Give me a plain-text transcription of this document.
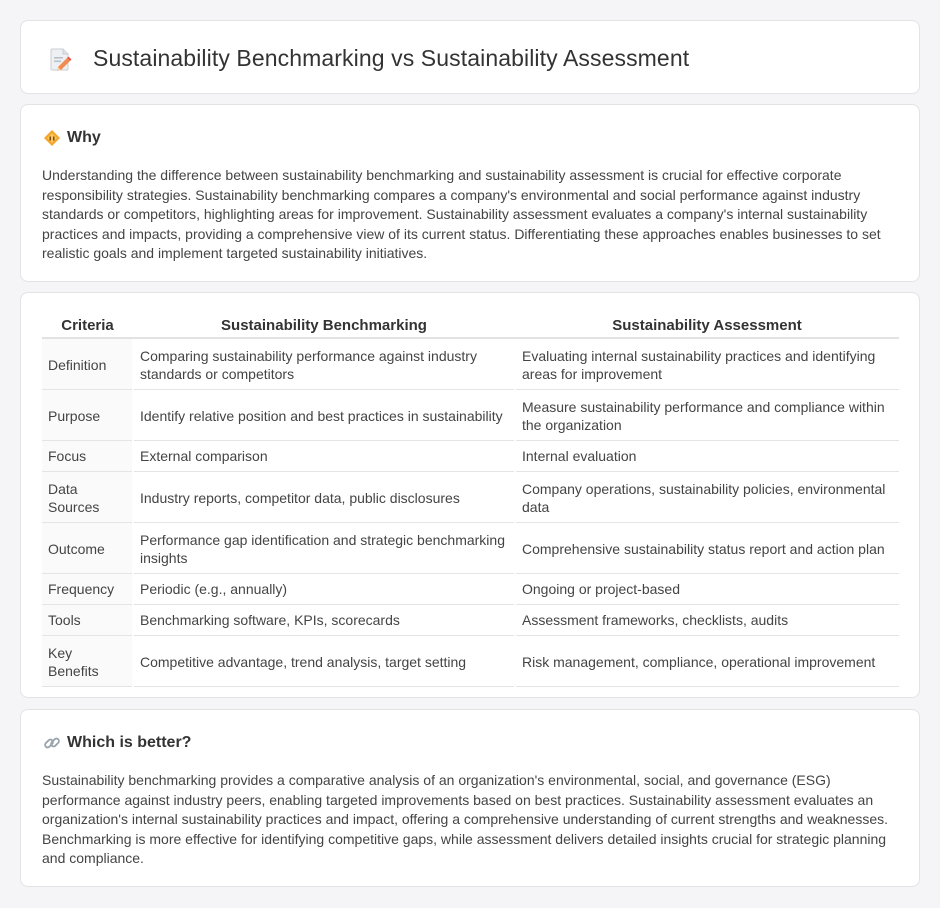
Sustainability Benchmarking vs Sustainability Assessment
Why

Understanding the difference between sustainability benchmarking and sustainability assessment is crucial for effective corporate responsibility strategies. Sustainability benchmarking compares a company's environmental and social performance against industry standards or competitors, highlighting areas for improvement. Sustainability assessment evaluates a company's internal sustainability practices and impacts, providing a comprehensive view of its current status. Differentiating these approaches enables businesses to set realistic goals and implement targeted sustainability initiatives.

Criteria	Sustainability Benchmarking	Sustainability Assessment
Definition	Comparing sustainability performance against industry standards or competitors	Evaluating internal sustainability practices and identifying areas for improvement
Purpose	Identify relative position and best practices in sustainability	Measure sustainability performance and compliance within the organization
Focus	External comparison	Internal evaluation
Data Sources	Industry reports, competitor data, public disclosures	Company operations, sustainability policies, environmental data
Outcome	Performance gap identification and strategic benchmarking insights	Comprehensive sustainability status report and action plan
Frequency	Periodic (e.g., annually)	Ongoing or project-based
Tools	Benchmarking software, KPIs, scorecards	Assessment frameworks, checklists, audits
Key Benefits	Competitive advantage, trend analysis, target setting	Risk management, compliance, operational improvement
Which is better?

Sustainability benchmarking provides a comparative analysis of an organization's environmental, social, and governance (ESG) performance against industry peers, enabling targeted improvements based on best practices. Sustainability assessment evaluates an organization's internal sustainability practices and impact, offering a comprehensive understanding of current strengths and weaknesses. Benchmarking is more effective for identifying competitive gaps, while assessment delivers detailed insights crucial for strategic planning and compliance.
